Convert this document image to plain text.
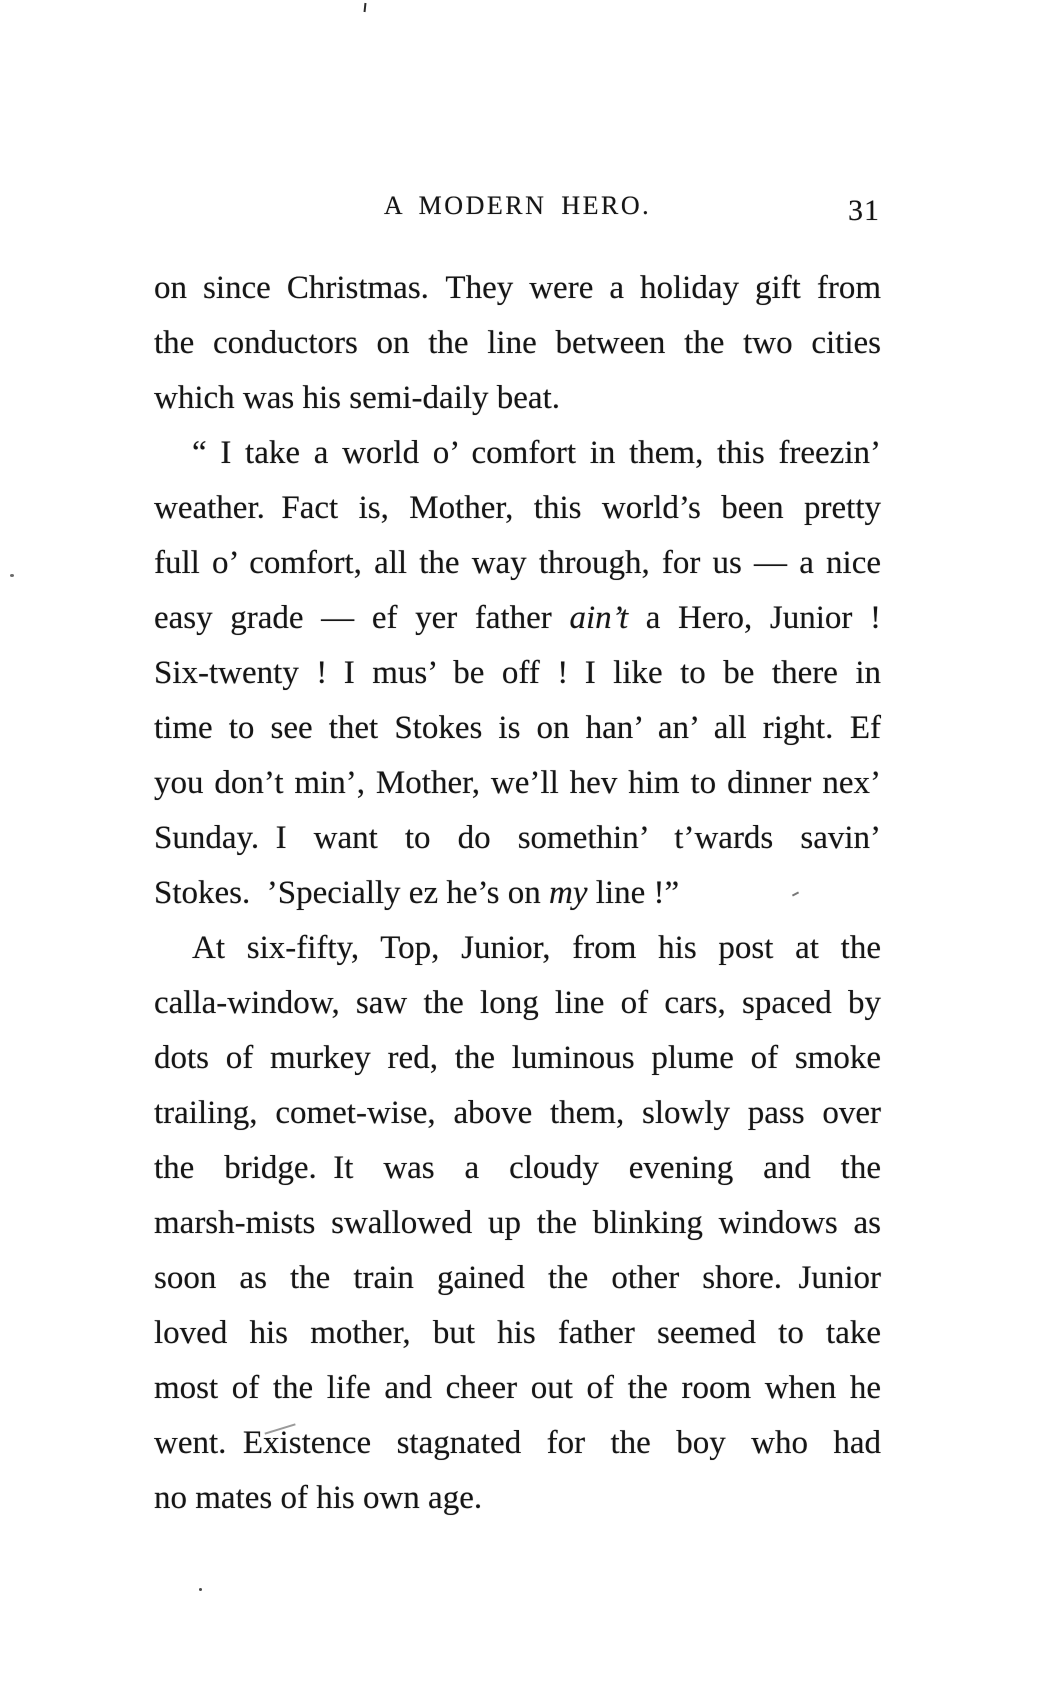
A MODERN HERO.	31
on since Christmas. They were a holiday gift from
the conductors on the line between the two cities
which was his semi-daily beat.
“ I take a world o’ comfort in them, this freezin’
weather. Fact is, Mother, this world’s been pretty
full o’ comfort, all the way through, for us — a nice
easy grade — ef yer father ain’t a Hero, Junior !
Six-twenty ! I mus’ be off ! I like to be there in
time to see thet Stokes is on han’ an’ all right. Ef
you don’t min’, Mother, we’ll hev him to dinner nex’
Sunday. I want to do somethin’ t’wards savin’
Stokes. ’Specially ez he’s on my line !”
At six-fifty, Top, Junior, from his post at the
calla-window, saw the long line of cars, spaced by
dots of murkey red, the luminous plume of smoke
trailing, comet-wise, above them, slowly pass over
the bridge. It was a cloudy evening and the
marsh-mists swallowed up the blinking windows as
soon as the train gained the other shore. Junior
loved his mother, but his father seemed to take
most of the life and cheer out of the room when he
went. Existence stagnated for the boy who had
no mates of his own age.
